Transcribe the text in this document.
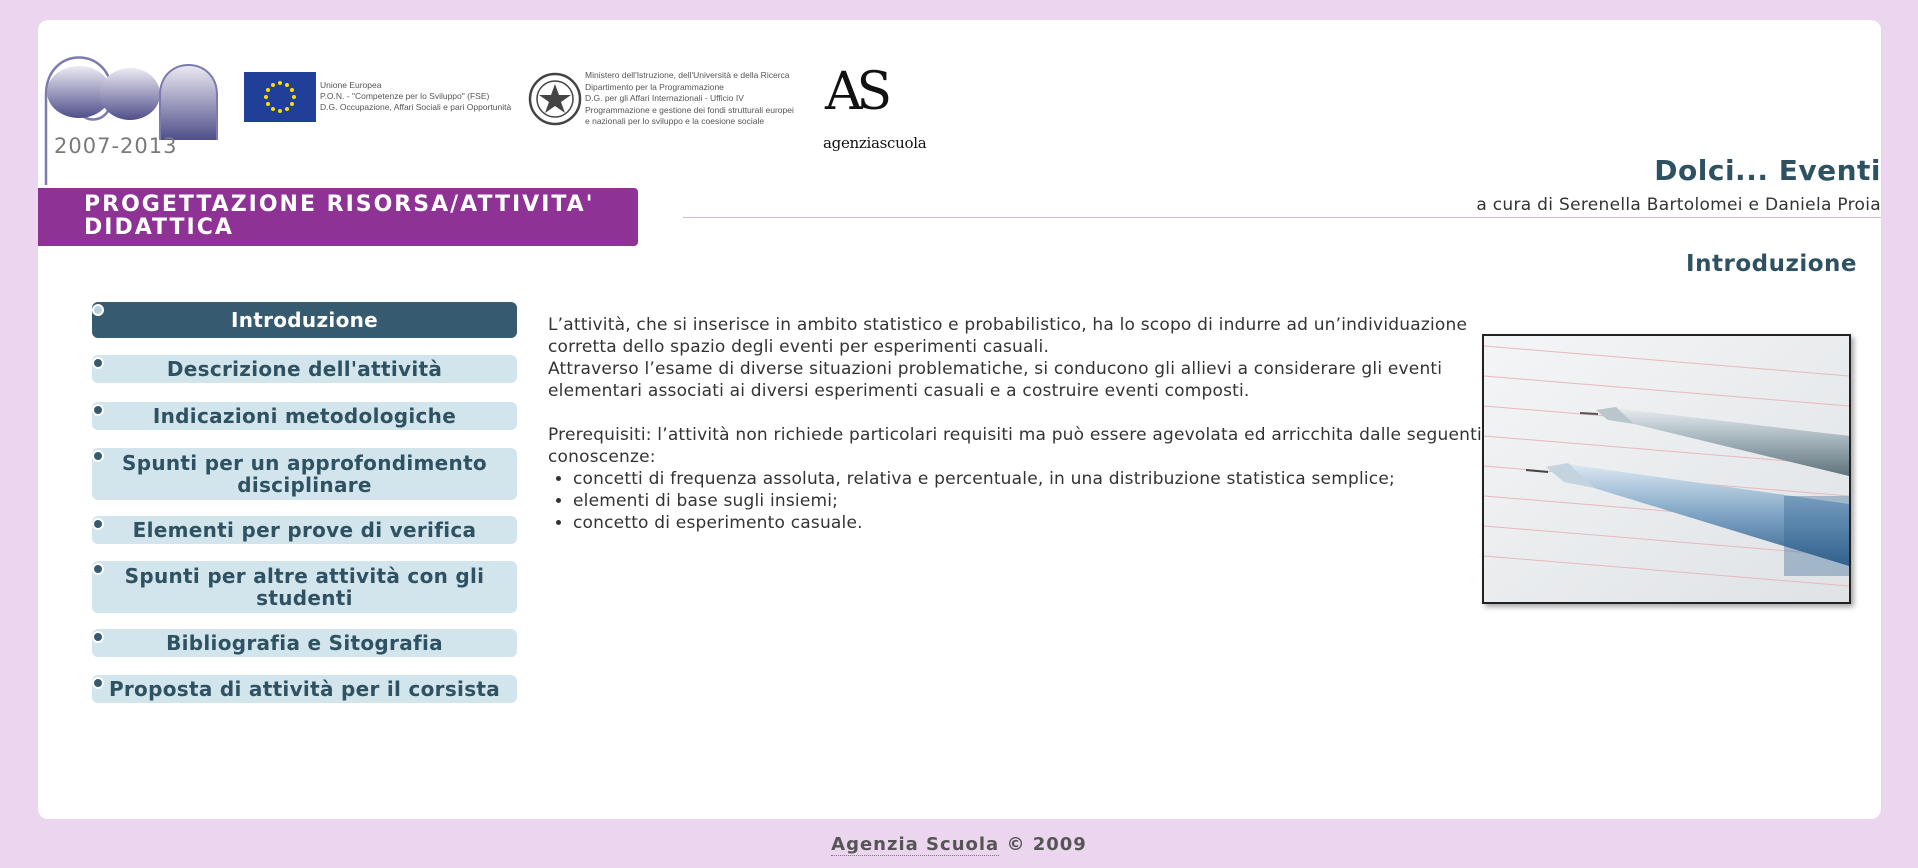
2007-2013
Unione Europea
P.O.N. - "Competenze per lo Sviluppo" (FSE)
D.G. Occupazione, Affari Sociali e pari Opportunità
Ministero dell'Istruzione, dell'Università e della Ricerca
Dipartimento per la Programmazione
D.G. per gli Affari Internazionali - Ufficio IV
Programmazione e gestione dei fondi strutturali europei
e nazionali per lo sviluppo e la coesione sociale	AS
agenziascuola
PROGETTAZIONE RISORSA/ATTIVITA' DIDATTICA
Dolci... Eventi
a cura di Serenella Bartolomei e Daniela Proia
Introduzione
Introduzione
Descrizione dell'attività
Indicazioni metodologiche
Spunti per un approfondimento disciplinare
Elementi per prove di verifica
Spunti per altre attività con gli studenti
Bibliografia e Sitografia
Proposta di attività per il corsista

L’attività, che si inserisce in ambito statistico e probabilistico, ha lo scopo di indurre ad un’individuazione corretta dello spazio degli eventi per esperimenti casuali.

Attraverso l’esame di diverse situazioni problematiche, si conducono gli allievi a considerare gli eventi elementari associati ai diversi esperimenti casuali e a costruire eventi composti.

Prerequisiti: l’attività non richiede particolari requisiti ma può essere agevolata ed arricchita dalle seguenti conoscenze:

• concetti di frequenza assoluta, relativa e percentuale, in una distribuzione statistica semplice;
• elementi di base sugli insiemi;
• concetto di esperimento casuale.
Agenzia Scuola © 2009
